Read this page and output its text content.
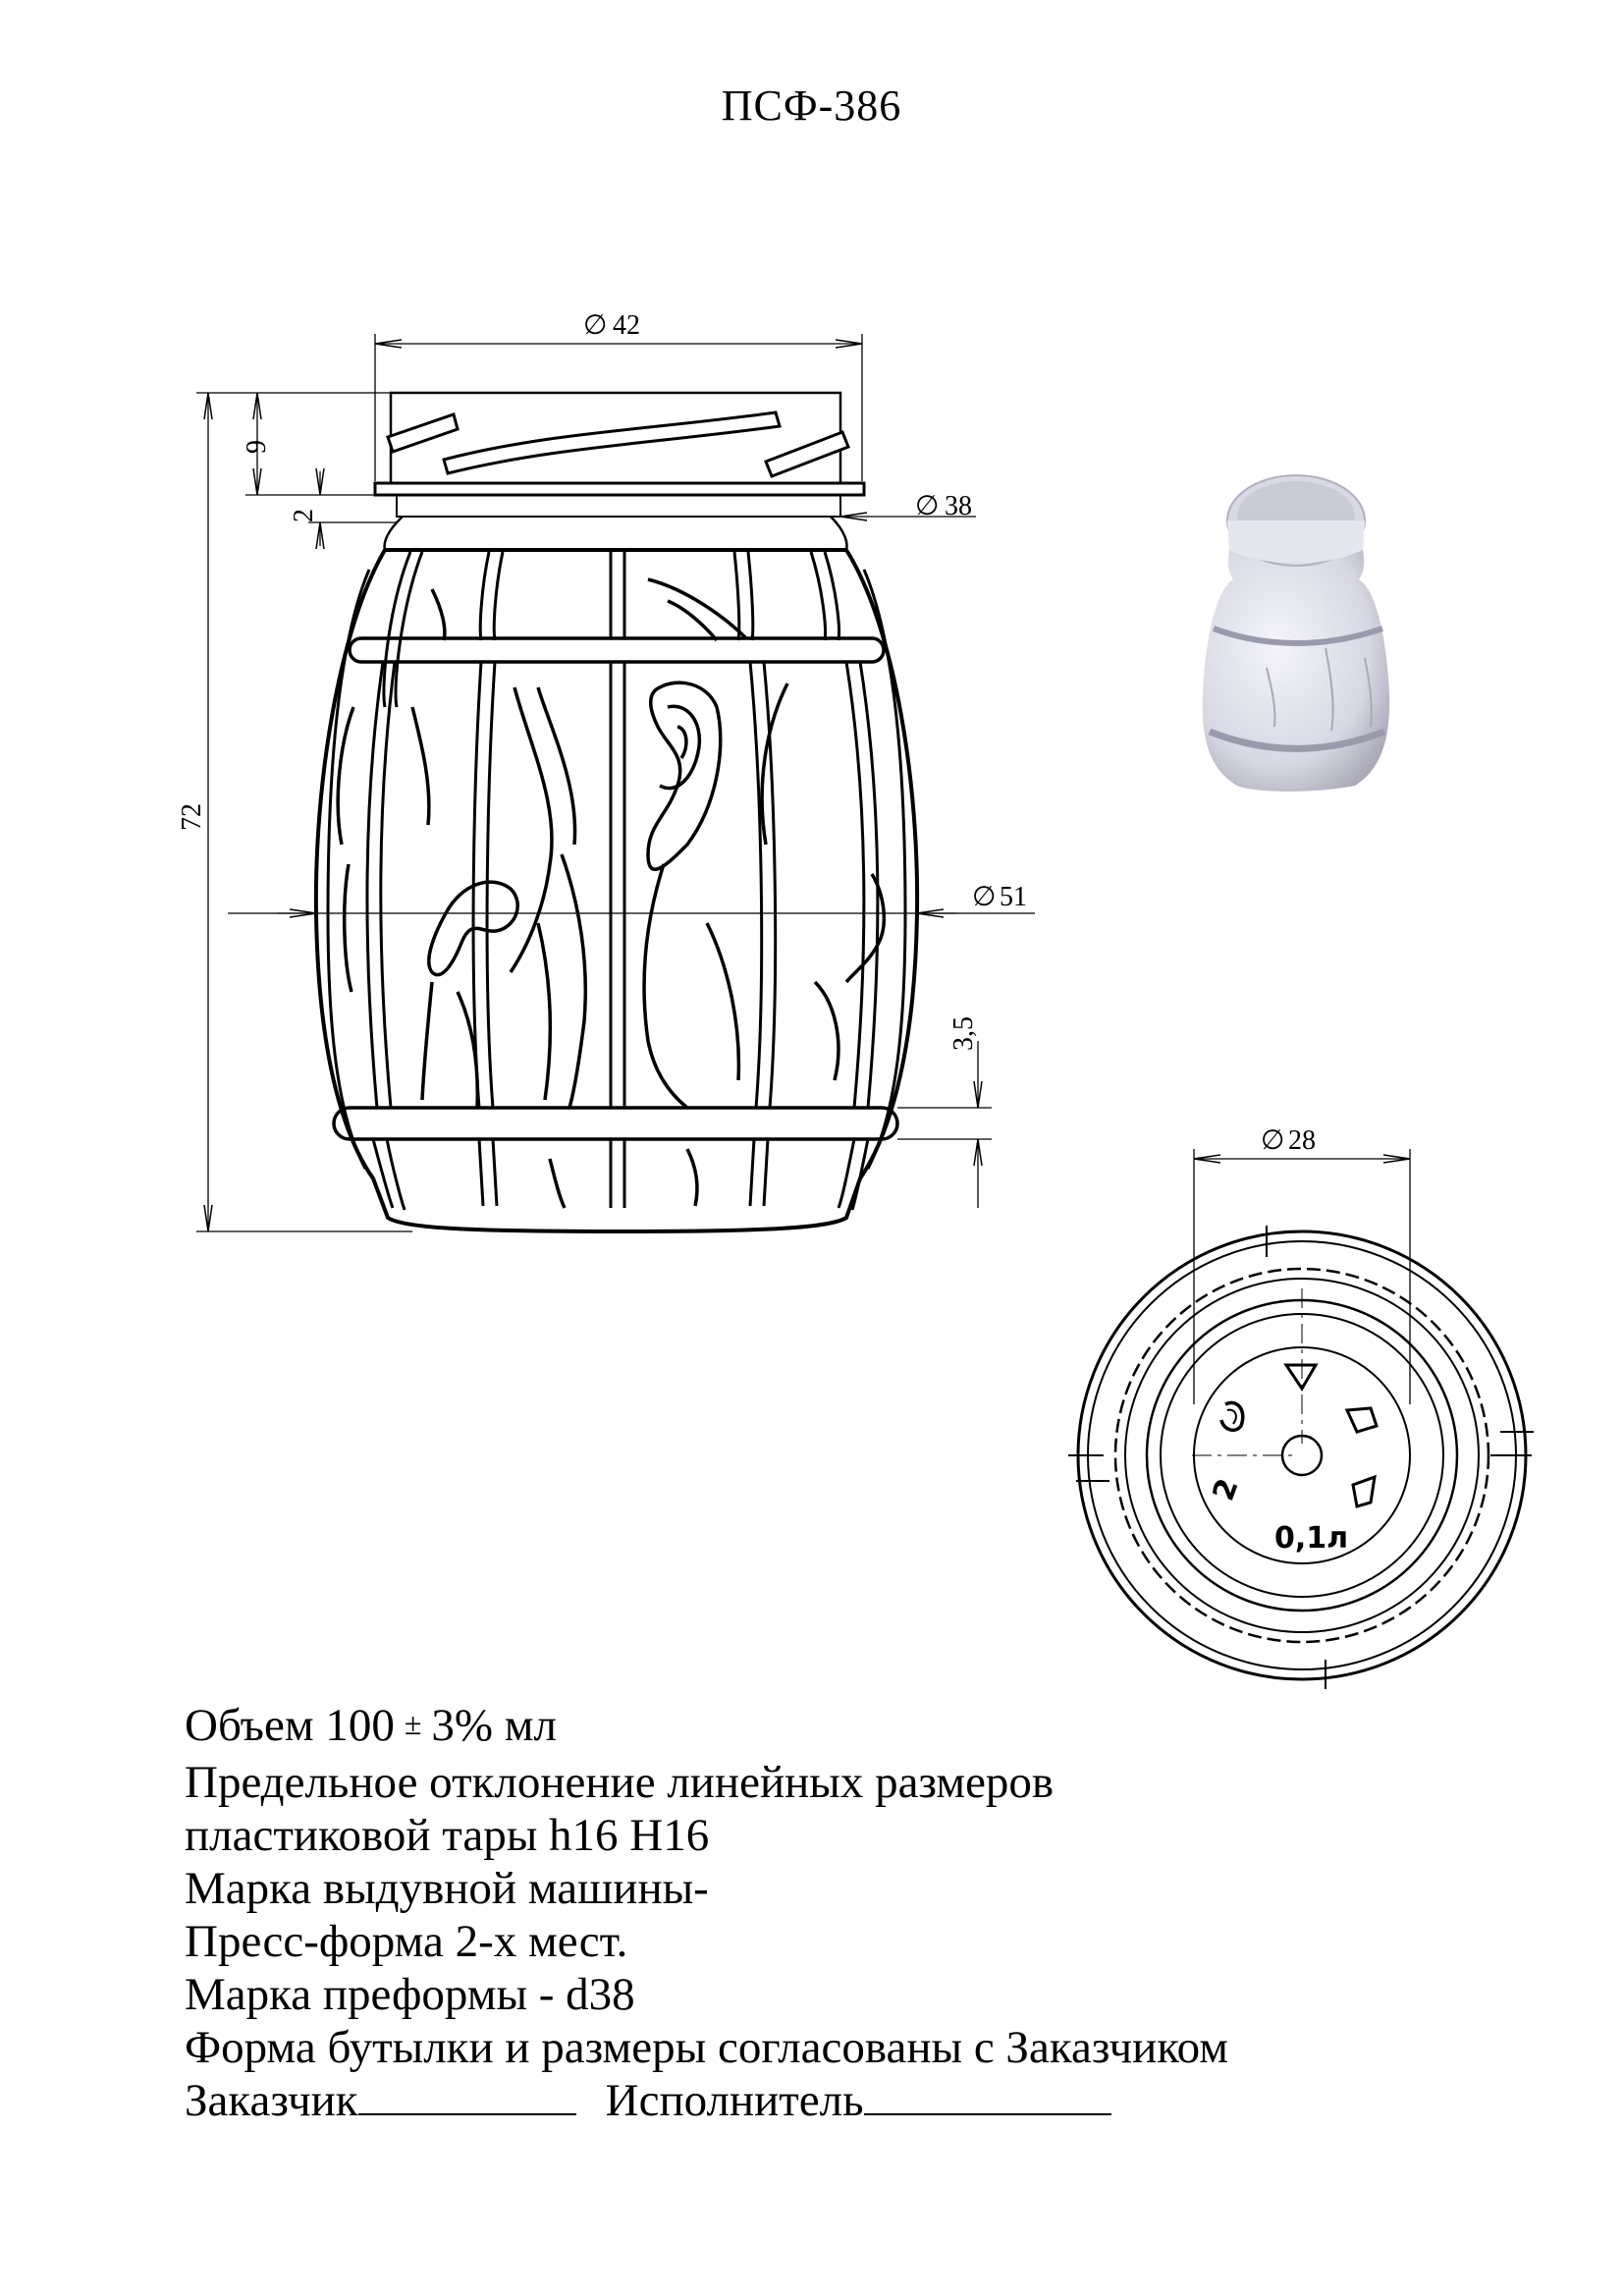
ПСФ-386
∅ 42
∅ 38
∅ 51
72
9
2
3,5
∅ 28
2
0,1л
Объем 100 ± 3% мл
Предельное отклонение линейных размеров
пластиковой тары h16 H16
Марка выдувной машины-
Пресс-форма 2-х мест.
Марка преформы - d38
Форма бутылки и размеры согласованы с Заказчиком
Заказчик	Исполнитель
